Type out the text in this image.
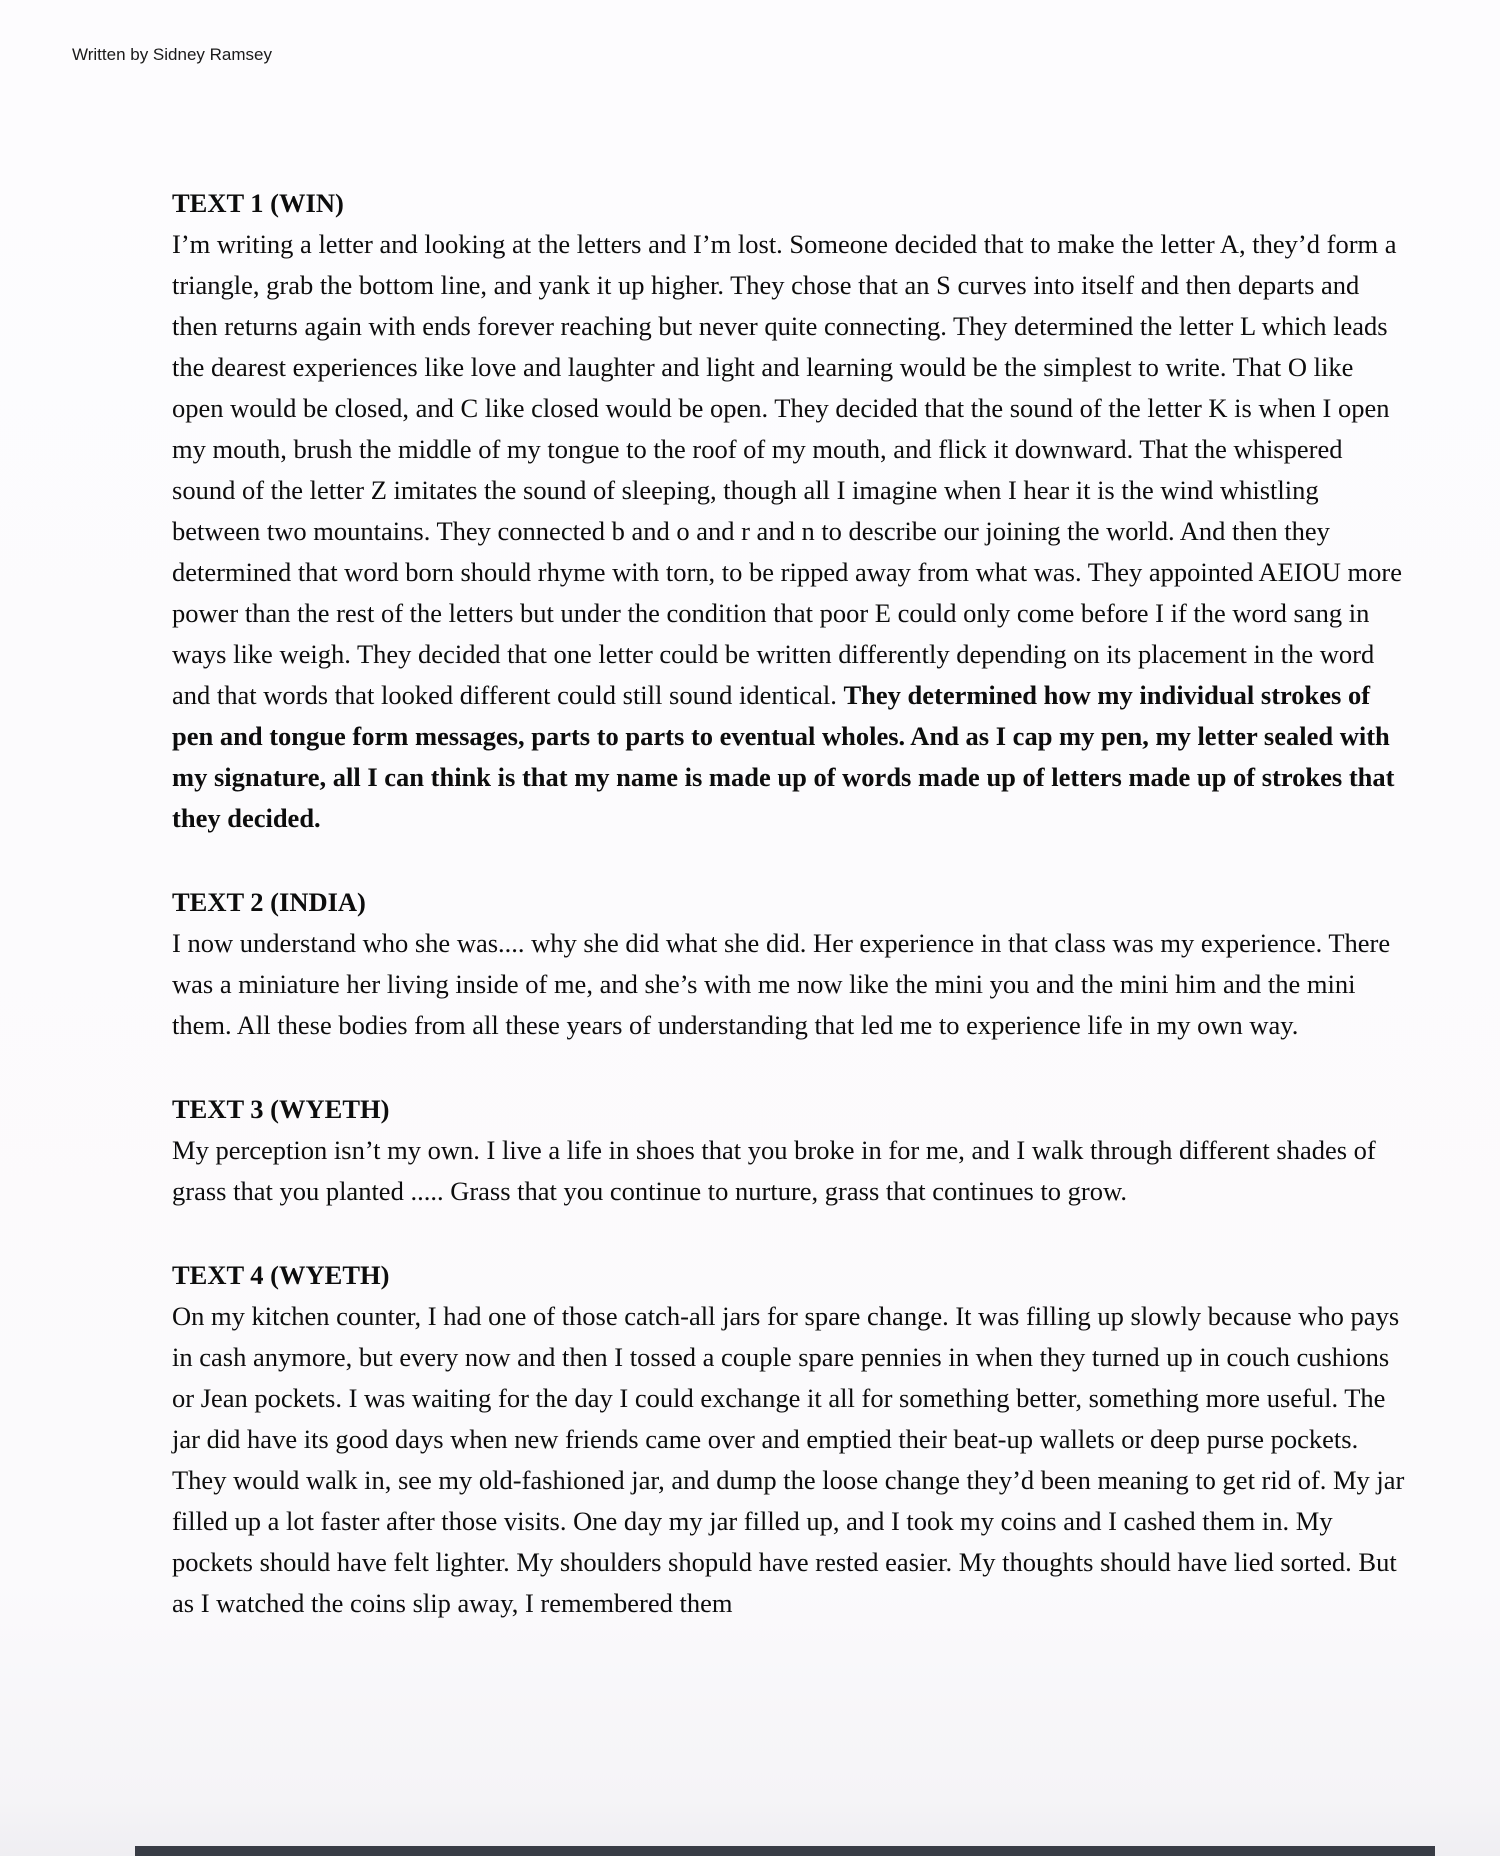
Written by Sidney Ramsey
TEXT 1 (WIN)
I’m writing a letter and looking at the letters and I’m lost. Someone decided that to make the letter A, they’d form a triangle, grab the bottom line, and yank it up higher. They chose that an S curves into itself and then departs and then returns again with ends forever reaching but never quite connecting. They determined the letter L which leads the dearest experiences like love and laughter and light and learning would be the simplest to write. That O like open would be closed, and C like closed would be open. They decided that the sound of the letter K is when I open my mouth, brush the middle of my tongue to the roof of my mouth, and flick it downward. That the whispered sound of the letter Z imitates the sound of sleeping, though all I imagine when I hear it is the wind whistling between two mountains. They connected b and o and r and n to describe our joining the world. And then they determined that word born should rhyme with torn, to be ripped away from what was. They appointed AEIOU more power than the rest of the letters but under the condition that poor E could only come before I if the word sang in ways like weigh. They decided that one letter could be written differently depending on its placement in the word and that words that looked different could still sound identical. They determined how my individual strokes of pen and tongue form messages, parts to parts to eventual wholes. And as I cap my pen, my letter sealed with my signature, all I can think is that my name is made up of words made up of letters made up of strokes that they decided.
TEXT 2 (INDIA)
I now understand who she was.... why she did what she did. Her experience in that class was my experience. There was a miniature her living inside of me, and she’s with me now like the mini you and the mini him and the mini them. All these bodies from all these years of understanding that led me to experience life in my own way.
TEXT 3 (WYETH)
My perception isn’t my own. I live a life in shoes that you broke in for me, and I walk through different shades of grass that you planted ..... Grass that you continue to nurture, grass that continues to grow.
TEXT 4 (WYETH)
On my kitchen counter, I had one of those catch-all jars for spare change. It was filling up slowly because who pays in cash anymore, but every now and then I tossed a couple spare pennies in when they turned up in couch cushions or Jean pockets. I was waiting for the day I could exchange it all for something better, something more useful. The jar did have its good days when new friends came over and emptied their beat-up wallets or deep purse pockets. They would walk in, see my old-fashioned jar, and dump the loose change they’d been meaning to get rid of. My jar filled up a lot faster after those visits. One day my jar filled up, and I took my coins and I cashed them in. My pockets should have felt lighter. My shoulders shopuld have rested easier. My thoughts should have lied sorted. But as I watched the coins slip away, I remembered them
